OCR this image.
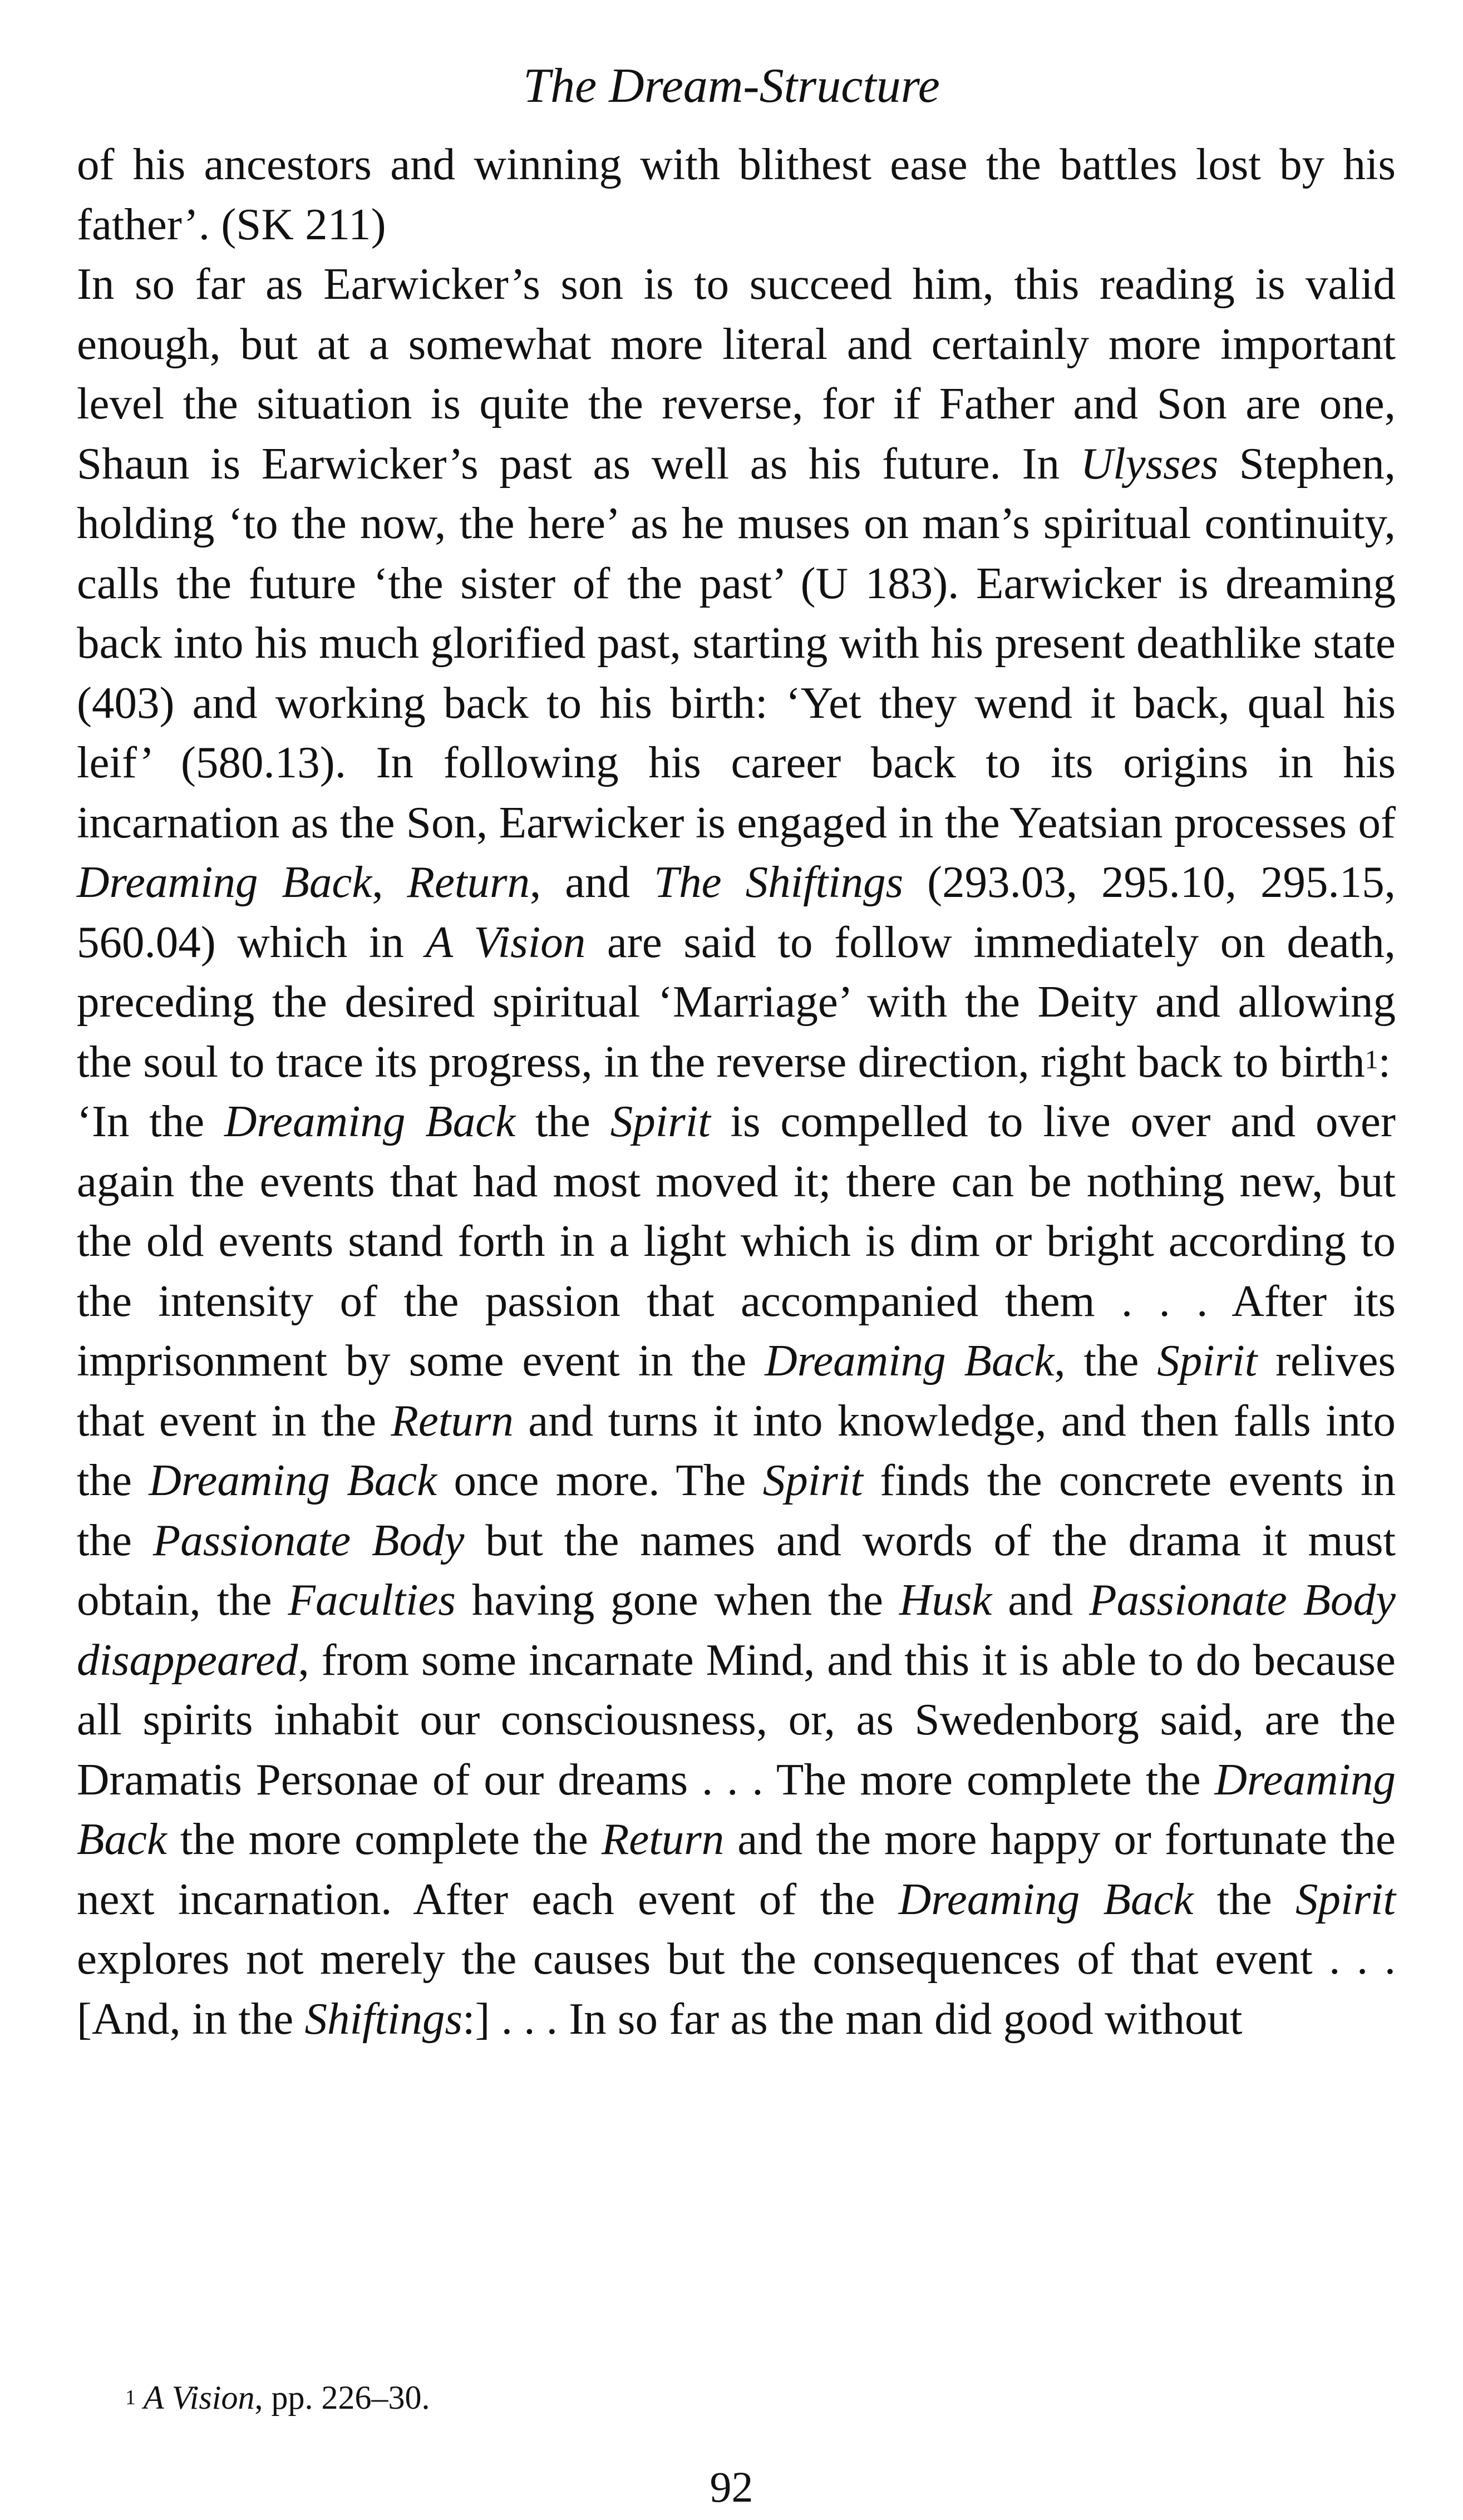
The Dream-Structure

of his ancestors and winning with blithest ease the battles lost by his father’. (SK 211)

In so far as Earwicker’s son is to succeed him, this reading is valid enough, but at a somewhat more literal and certainly more important level the situation is quite the reverse, for if Father and Son are one, Shaun is Earwicker’s past as well as his future. In Ulysses Stephen, holding ‘to the now, the here’ as he muses on man’s spiritual continuity, calls the future ‘the sister of the past’ (U 183). Earwicker is dreaming back into his much glorified past, starting with his present deathlike state (403) and working back to his birth: ‘Yet they wend it back, qual his leif’ (580.13). In following his career back to its origins in his incarnation as the Son, Earwicker is engaged in the Yeatsian processes of Dreaming Back, Return, and The Shiftings (293.03, 295.10, 295.15, 560.04) which in A Vision are said to follow immediately on death, preceding the desired spiritual ‘Marriage’ with the Deity and allowing the soul to trace its progress, in the reverse direction, right back to birth$^1$:

‘In the Dreaming Back the Spirit is compelled to live over and over again the events that had most moved it; there can be nothing new, but the old events stand forth in a light which is dim or bright according to the intensity of the passion that accompanied them . . . After its imprisonment by some event in the Dreaming Back, the Spirit relives that event in the Return and turns it into knowledge, and then falls into the Dreaming Back once more. The Spirit finds the concrete events in the Passionate Body but the names and words of the drama it must obtain, the Faculties having gone when the Husk and Passionate Body disappeared, from some incarnate Mind, and this it is able to do because all spirits inhabit our consciousness, or, as Swedenborg said, are the Dramatis Personae of our dreams . . . The more complete the Dreaming Back the more complete the Return and the more happy or fortunate the next incarnation. After each event of the Dreaming Back the Spirit explores not merely the causes but the consequences of that event . . . [And, in the Shiftings:] . . . In so far as the man did good without

$^1$ A Vision, pp. 226–30.
92
